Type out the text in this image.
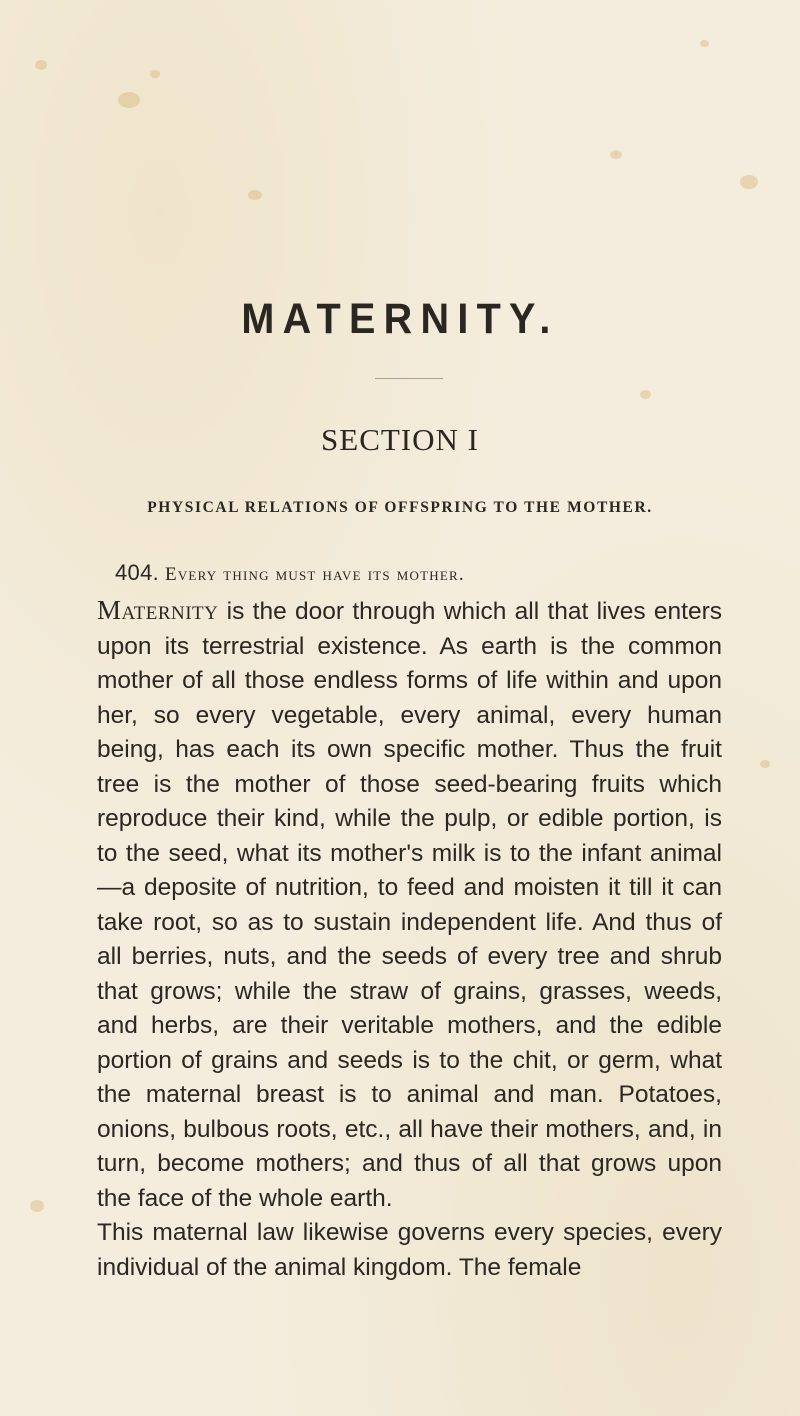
MATERNITY.
SECTION I
PHYSICAL RELATIONS OF OFFSPRING TO THE MOTHER.
404. Every thing must have its mother.

Maternity is the door through which all that lives enters upon its terrestrial existence. As earth is the common mother of all those endless forms of life within and upon her, so every vegetable, every animal, every human being, has each its own specific mother. Thus the fruit tree is the mother of those seed-bearing fruits which reproduce their kind, while the pulp, or edible portion, is to the seed, what its mother's milk is to the infant animal—a deposite of nutrition, to feed and moisten it till it can take root, so as to sustain independent life. And thus of all berries, nuts, and the seeds of every tree and shrub that grows; while the straw of grains, grasses, weeds, and herbs, are their veritable mothers, and the edible portion of grains and seeds is to the chit, or germ, what the maternal breast is to animal and man. Potatoes, onions, bulbous roots, etc., all have their mothers, and, in turn, become mothers; and thus of all that grows upon the face of the whole earth.

This maternal law likewise governs every species, every individual of the animal kingdom. The female
